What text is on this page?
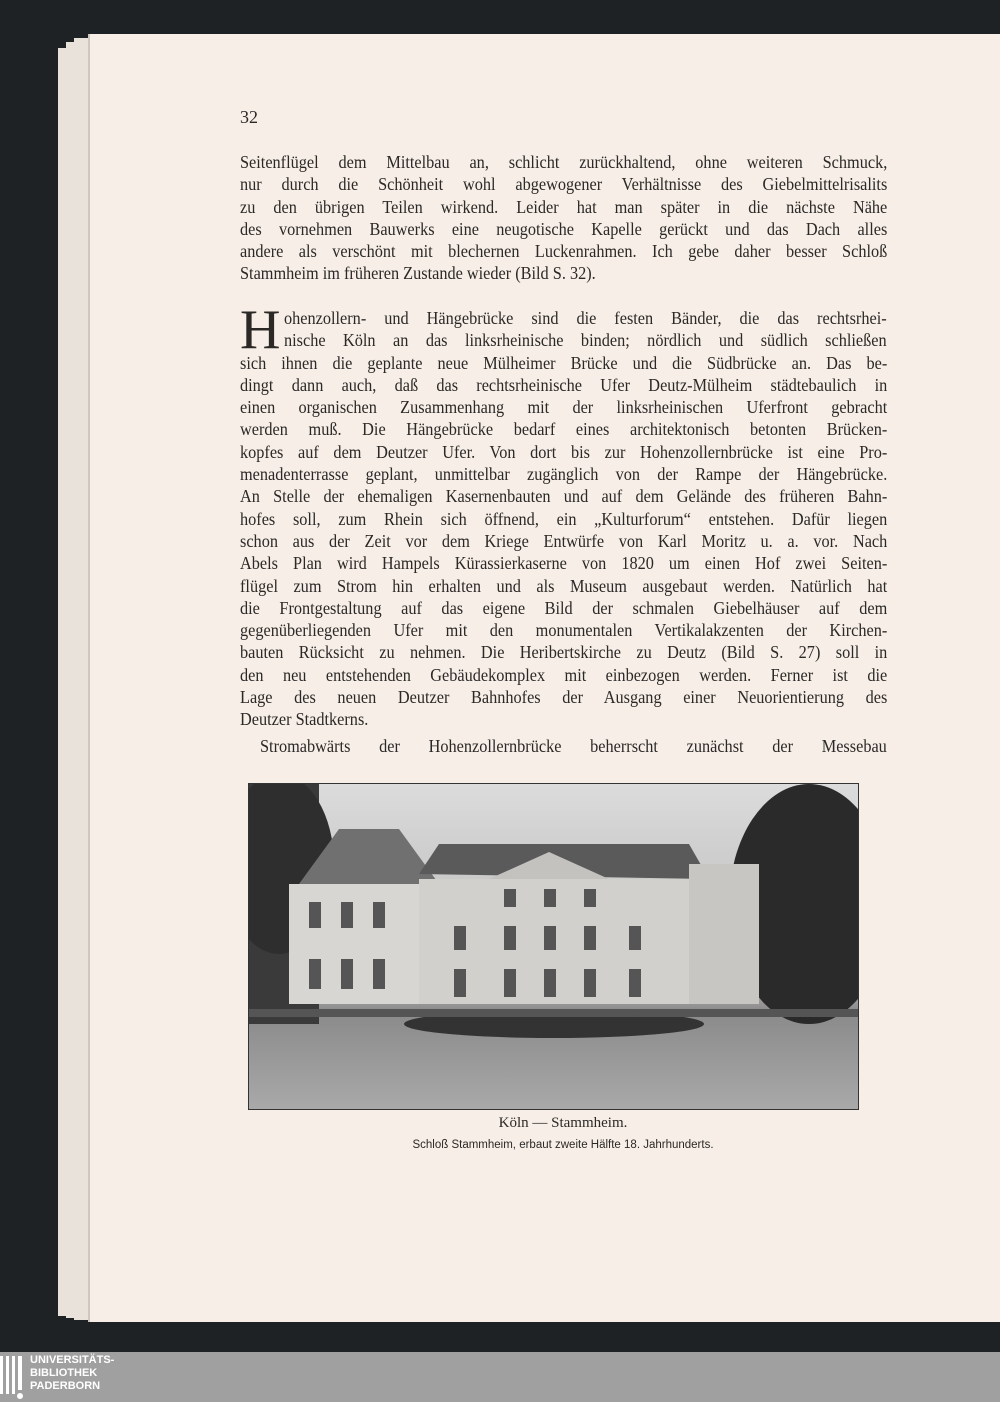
32
Seitenflügel dem Mittelbau an, schlicht zurückhaltend, ohne weiteren Schmuck,
nur durch die Schönheit wohl abgewogener Verhältnisse des Giebelmittelrisalits
zu den übrigen Teilen wirkend. Leider hat man später in die nächste Nähe
des vornehmen Bauwerks eine neugotische Kapelle gerückt und das Dach alles
andere als verschönt mit blechernen Luckenrahmen. Ich gebe daher besser Schloß
Stammheim im früheren Zustande wieder (Bild S. 32).
H ohenzollern- und Hängebrücke sind die festen Bänder, die das rechtsrhei-
nische Köln an das linksrheinische binden; nördlich und südlich schließen
sich ihnen die geplante neue Mülheimer Brücke und die Südbrücke an. Das be-
dingt dann auch, daß das rechtsrheinische Ufer Deutz-Mülheim städtebaulich in
einen organischen Zusammenhang mit der linksrheinischen Uferfront gebracht
werden muß. Die Hängebrücke bedarf eines architektonisch betonten Brücken-
kopfes auf dem Deutzer Ufer. Von dort bis zur Hohenzollernbrücke ist eine Pro-
menadenterrasse geplant, unmittelbar zugänglich von der Rampe der Hängebrücke.
An Stelle der ehemaligen Kasernenbauten und auf dem Gelände des früheren Bahn-
hofes soll, zum Rhein sich öffnend, ein „Kulturforum“ entstehen. Dafür liegen
schon aus der Zeit vor dem Kriege Entwürfe von Karl Moritz u. a. vor. Nach
Abels Plan wird Hampels Kürassierkaserne von 1820 um einen Hof zwei Seiten-
flügel zum Strom hin erhalten und als Museum ausgebaut werden. Natürlich hat
die Frontgestaltung auf das eigene Bild der schmalen Giebelhäuser auf dem
gegenüberliegenden Ufer mit den monumentalen Vertikalakzenten der Kirchen-
bauten Rücksicht zu nehmen. Die Heribertskirche zu Deutz (Bild S. 27) soll in
den neu entstehenden Gebäudekomplex mit einbezogen werden. Ferner ist die
Lage des neuen Deutzer Bahnhofes der Ausgang einer Neuorientierung des
Deutzer Stadtkerns.
Stromabwärts der Hohenzollernbrücke beherrscht zunächst der Messebau
Köln — Stammheim.
Schloß Stammheim, erbaut zweite Hälfte 18. Jahrhunderts.
UNIVERSITÄTS-
BIBLIOTHEK
PADERBORN
